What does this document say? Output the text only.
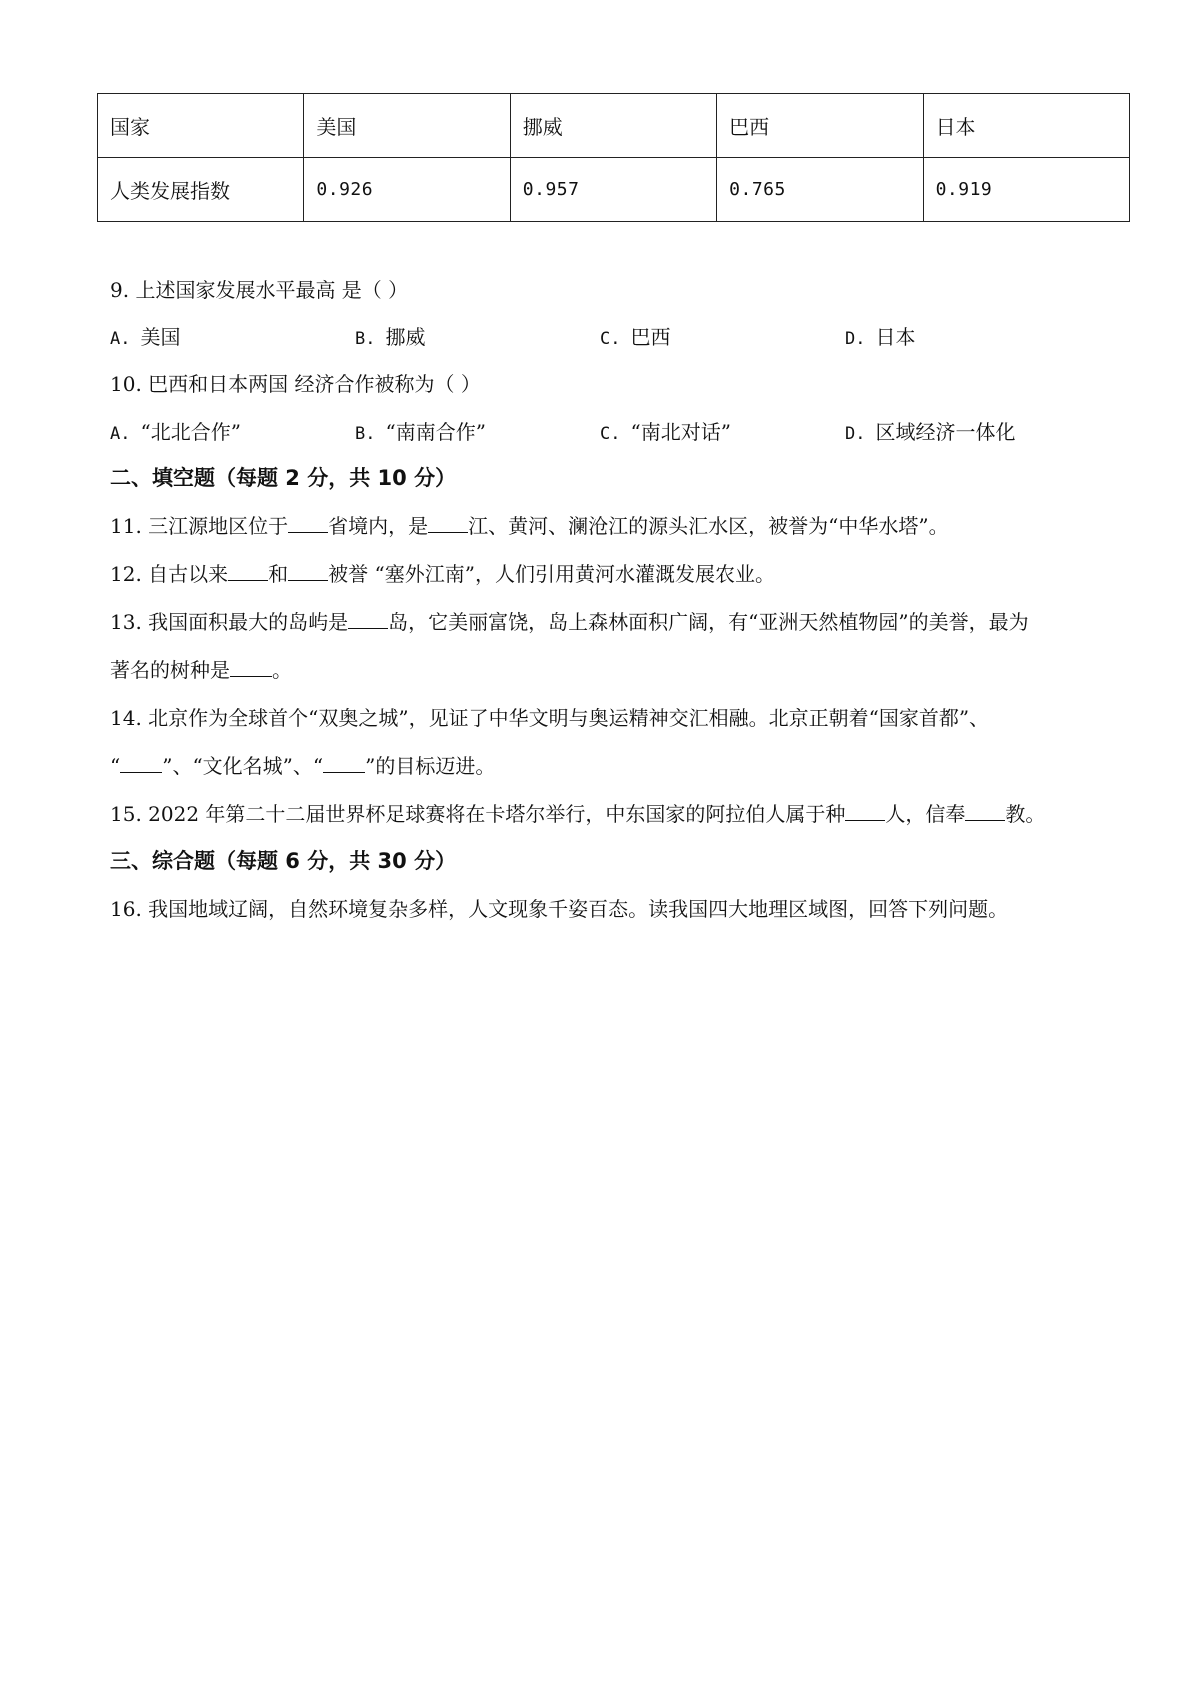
国家	美国	挪威	巴西	日本
人类发展指数	0.926	0.957	0.765	0.919
9. 上述国家发展水平最高 是（ ）
A. 美国	B. 挪威	C. 巴西	D. 日本
10. 巴西和日本两国 经济合作被称为（ ）
A. “北北合作”	B. “南南合作”	C. “南北对话”	D. 区域经济一体化
二、填空题（每题 2 分，共 10 分）
11. 三江源地区位于 省境内，是 江、黄河、澜沧江的源头汇水区，被誉为“中华水塔”。
12. 自古以来 和 被誉 “塞外江南”，人们引用黄河水灌溉发展农业。
13. 我国面积最大的岛屿是 岛，它美丽富饶，岛上森林面积广阔，有“亚洲天然植物园”的美誉，最为
著名的树种是 。
14. 北京作为全球首个“双奥之城”，见证了中华文明与奥运精神交汇相融。北京正朝着“国家首都”、
“ ”、“文化名城”、“ ”的目标迈进。
15. 2022 年第二十二届世界杯足球赛将在卡塔尔举行，中东国家的阿拉伯人属于种 人，信奉 教。
三、综合题（每题 6 分，共 30 分）
16. 我国地域辽阔，自然环境复杂多样，人文现象千姿百态。读我国四大地理区域图，回答下列问题。
